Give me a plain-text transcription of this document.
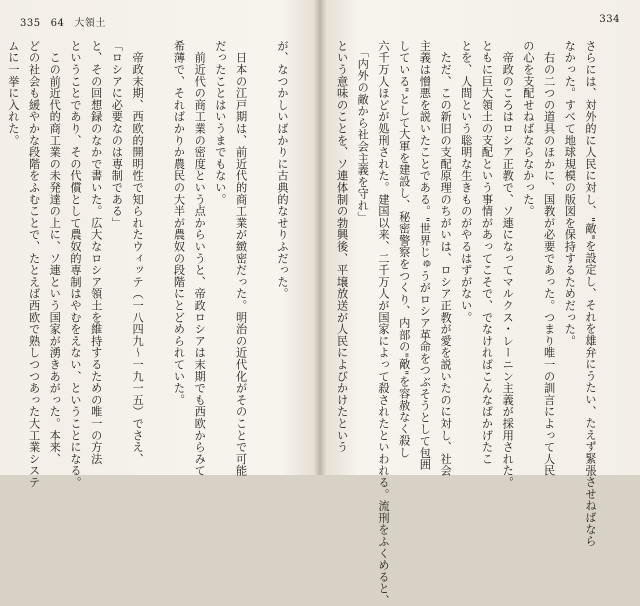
335 64 大領土
が、なつかしいばかりに古典的なせりふだった。

　日本の江戸期は、前近代的商工業が緻密だった。明治の近代化がそのことで可能
だったことはいうまでもない。
　前近代の商工業の密度という点からいうと、帝政ロシアは末期でも西欧からみて
希薄で、そればかりか農民の大半が農奴の段階にとどめられていた。

　帝政末期、西欧的開明性で知られたウィッテ（一八四九〜一九一五）でさえ、
「ロシアに必要なのは専制である」
と、その回想録のなかで書いた。広大なロシア領土を維持するための唯一の方法
ということであり、その代償として農奴的専制はやむをえない、ということになる。
　この前近代的商工業の未発達の上に、ソ連という国家が湧きあがった。本来、
どの社会も緩やかな段階をふむことで、たとえば西欧で熟しつつあった大工業システ
ムに一挙に入れた。
334
さらには、対外的に人民に対し、"敵"を設定し、それを雄弁にうたい、たえず緊張させねばなら
なかった。すべて地球規模の版図を保持するためだった。
　右の二つの道具のほかに、国教が必要であった。つまり唯一の訓言によって人民
の心を支配せねばならなかった。
　帝政のころはロシア正教で、ソ連になってマルクス・レーニン主義が採用された。
ともに巨大領土の支配という事情があってこそで、でなければこんなばかげたこ
とを、人間という聡明な生きものがやるはずがない。
　ただ、この新旧の支配原理のちがいは、ロシア正教が愛を説いたのに対し、社会
主義は憎悪を説いたことである。"世界じゅうがロシア革命をつぶそうとして包囲
している"として大軍を建設し、秘密警察をつくり、内部の"敵"を容赦なく殺し
六千万人ほどが処刑された。建国以来、二千万人が国家によって殺されたといわれる。流刑をふくめると、
　「内外の敵から社会主義を守れ」
という意味のことを、ソ連体制の勃興後、平壌放送が人民によびかけたという
